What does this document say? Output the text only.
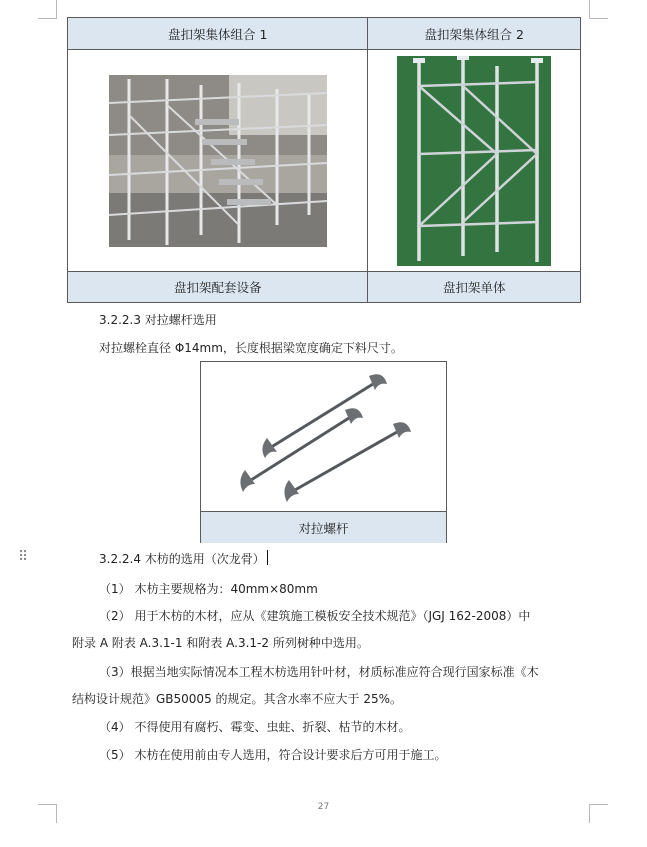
盘扣架集体组合 1	盘扣架集体组合 2

盘扣架配套设备	盘扣架单体
3.2.2.3 对拉螺杆选用
对拉螺栓直径 Φ14mm，长度根据梁宽度确定下料尺寸。
对拉螺杆
⠿	3.2.2.4 木枋的选用（次龙骨）
（1） 木枋主要规格为：40mm×80mm
（2） 用于木枋的木材，应从《建筑施工模板安全技术规范》（JGJ 162-2008）中
附录 A 附表 A.3.1-1 和附表 A.3.1-2 所列树种中选用。
（3）根据当地实际情况本工程木枋选用针叶材，材质标准应符合现行国家标准《木
结构设计规范》GB50005 的规定。其含水率不应大于 25%。
（4） 不得使用有腐朽、霉变、虫蛀、折裂、枯节的木材。
（5） 木枋在使用前由专人选用，符合设计要求后方可用于施工。
27
